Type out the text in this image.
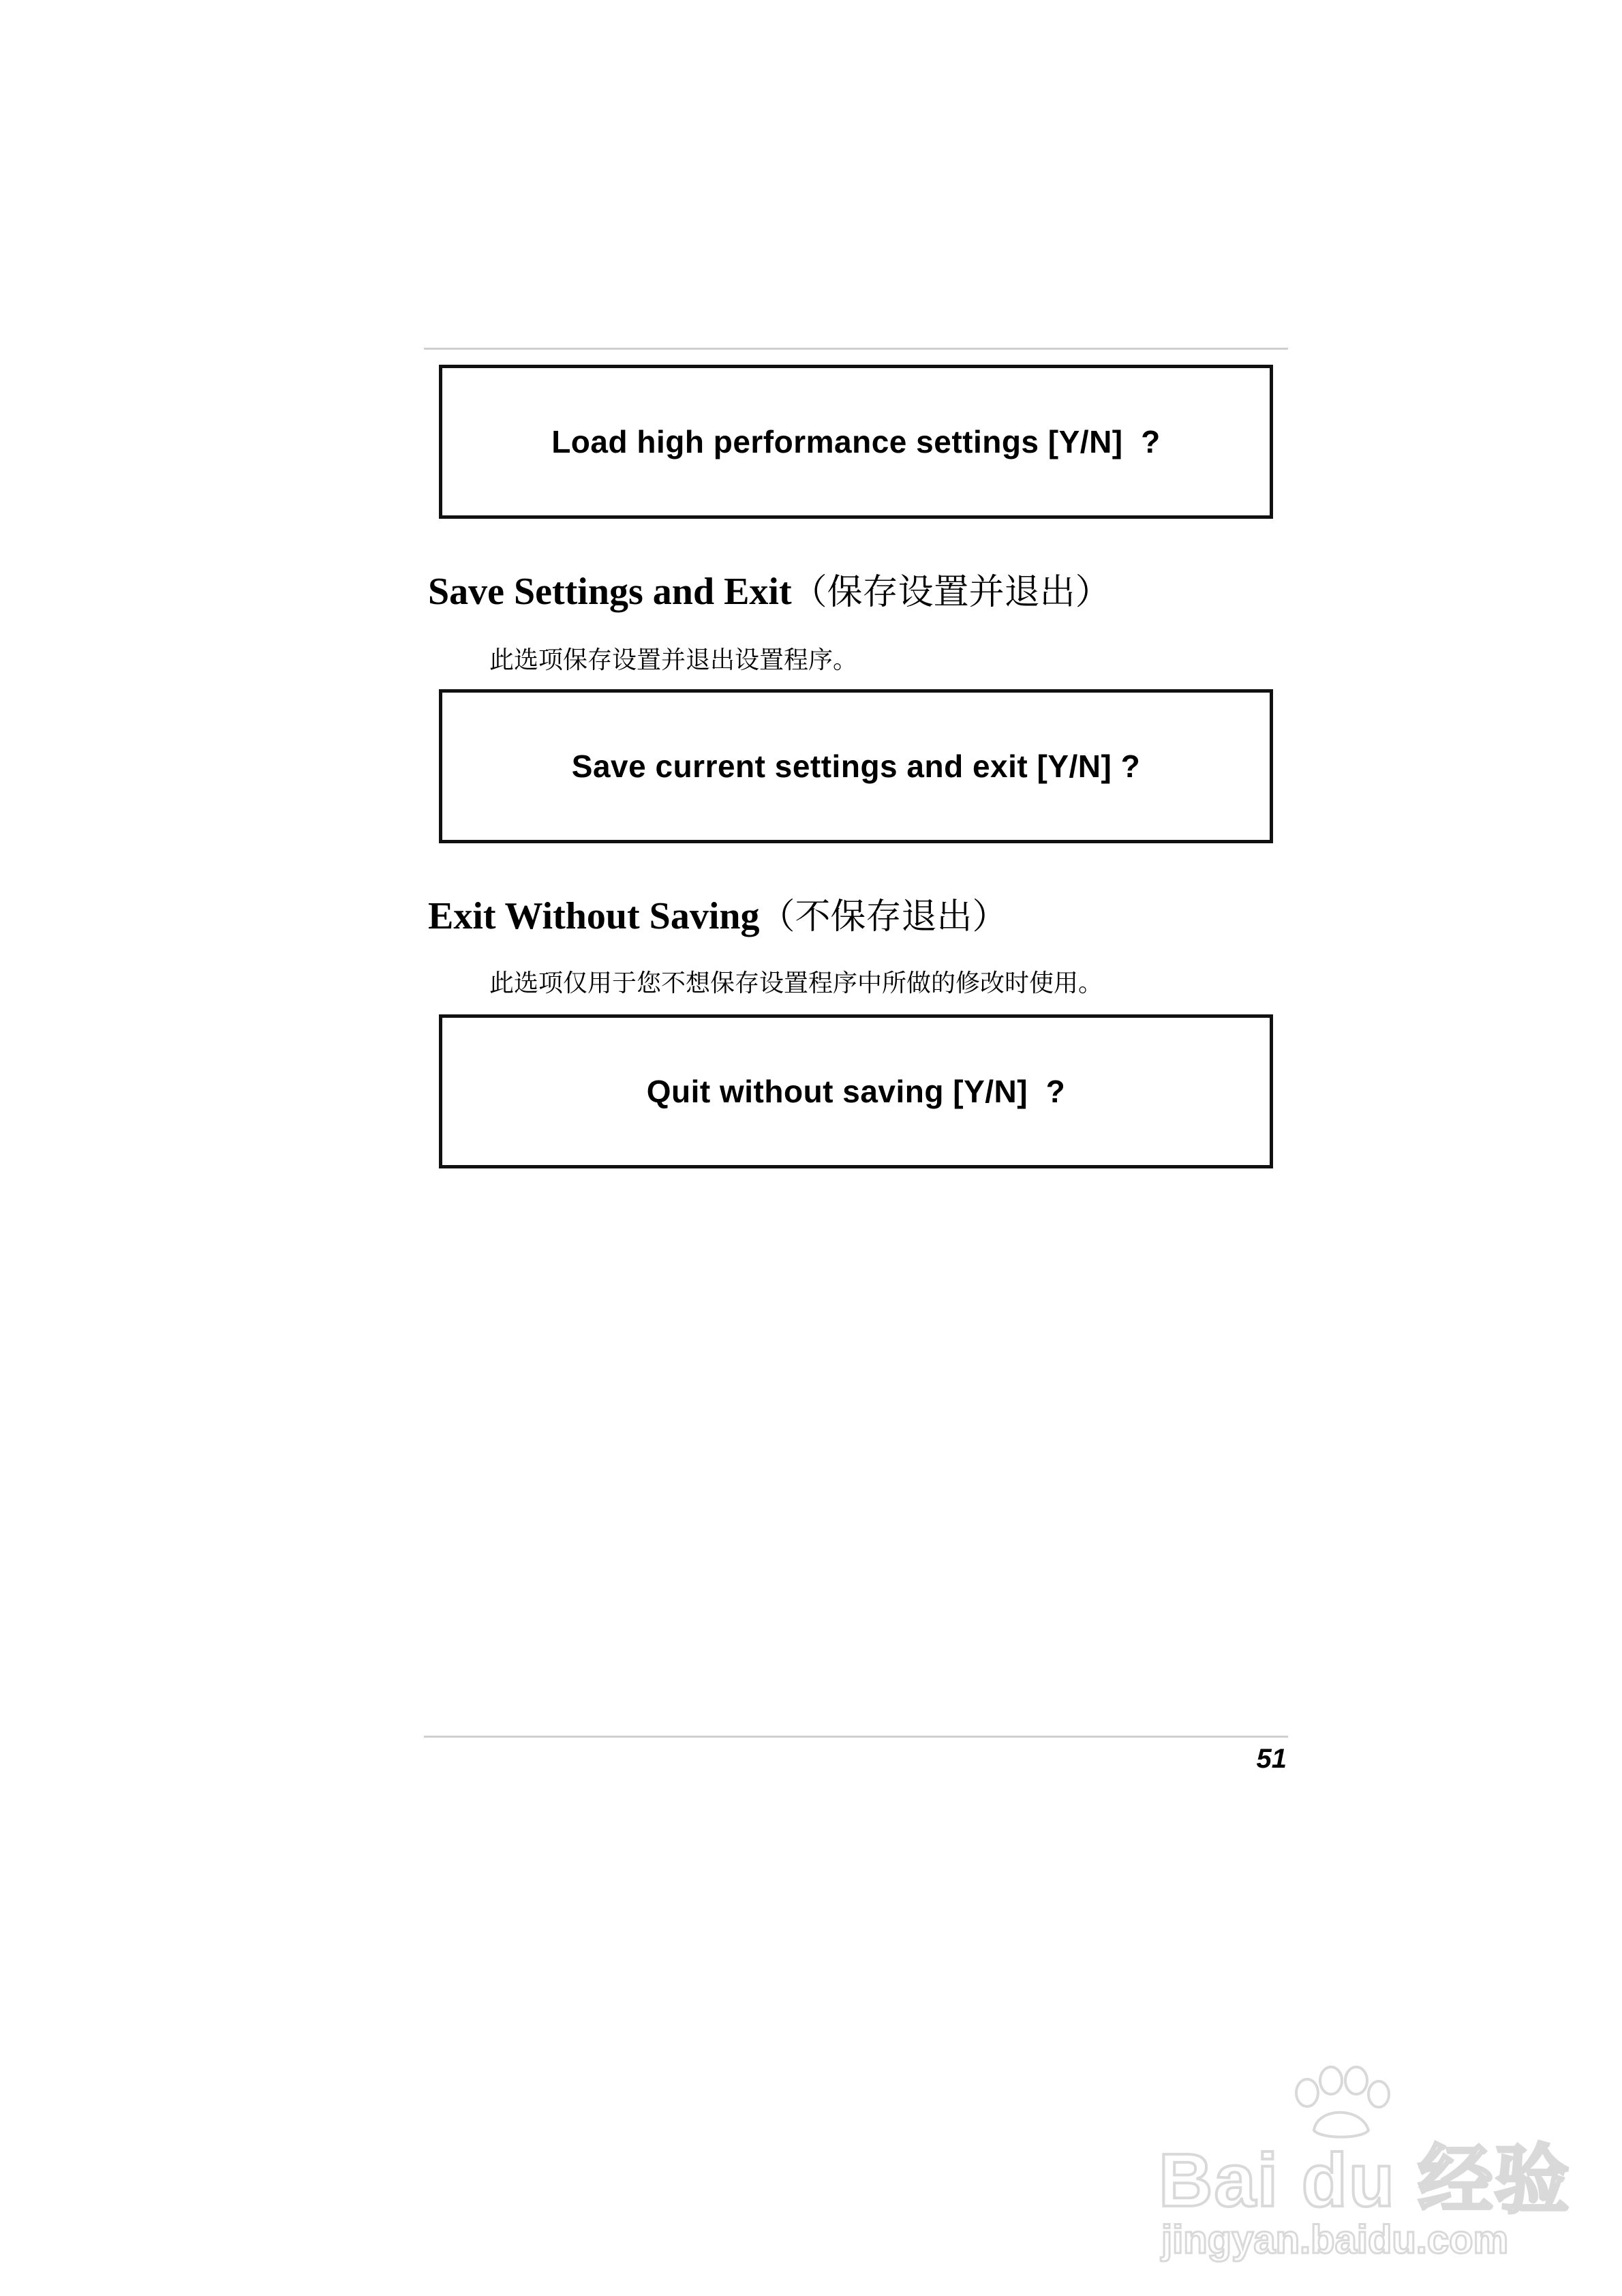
Load high performance settings [Y/N]  ?
Save Settings and Exit（保存设置并退出）
此选项保存设置并退出设置程序。
Save current settings and exit [Y/N] ?
Exit Without Saving（不保存退出）
此选项仅用于您不想保存设置程序中所做的修改时使用。
Quit without saving [Y/N]  ?
51
Bai du 经验
jingyan.baidu.com
